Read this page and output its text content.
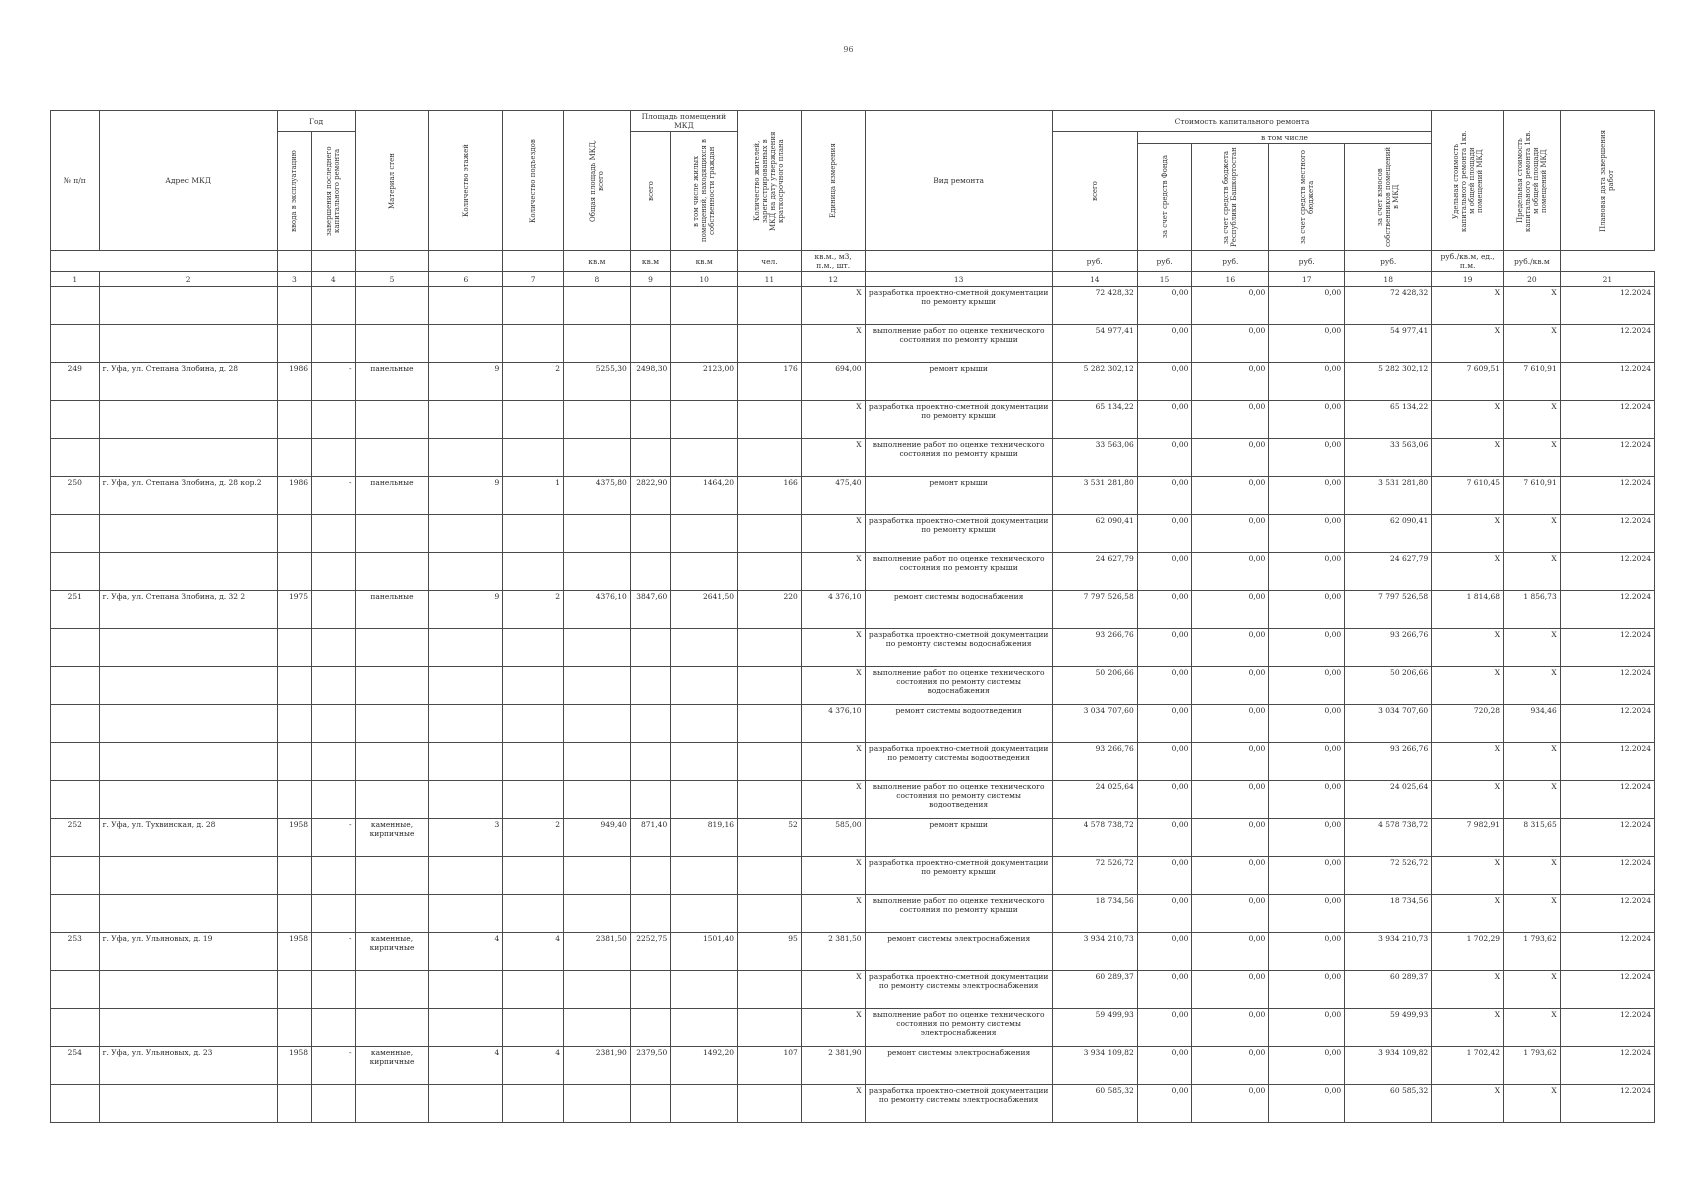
96
№ п/п	Адрес МКД	Год		Материал стен	Количество этажей	Количество подъездов	Общая площадь МКД, всего	Площадь помещений МКД		Количество жителей, зарегистрированных в МКД на дату утверждения краткосрочного плана	Единица измерения	Вид ремонта	Стоимость капитального ремонта					Удельная стоимость капитального ремонта 1кв. м общей площади помещений МКД	Предельная стоимость капитального ремонта 1кв. м общей площади помещений МКД	Плановая дата завершения работ

		ввода в эксплуатацию	завершения последнего капитального ремонта					всего	в том числе жилых помещений, находящихся в собственности граждан				всего	в том числе						

														за счет средств Фонда	за счет средств бюджета Республики Башкортостан	за счет средств местного бюджета	за счет взносов собственников помещений в МКД			

							кв.м	кв.м	кв.м	чел.	кв.м., м3, п.м., шт.		руб.	руб.	руб.	руб.	руб.	руб./кв.м, ед., п.м.	руб./кв.м	
1	2	3	4	5	6	7	8	9	10	11	12	13	14	15	16	17	18	19	20	21
											X	разработка проектно-сметной документации по ремонту крыши	72 428,32	0,00	0,00	0,00	72 428,32	X	X	12.2024
											X	выполнение работ по оценке технического состояния по ремонту крыши	54 977,41	0,00	0,00	0,00	54 977,41	X	X	12.2024
249	г. Уфа, ул. Степана Злобина, д. 28	1986	-	панельные	9	2	5255,30	2498,30	2123,00	176	694,00	ремонт крыши	5 282 302,12	0,00	0,00	0,00	5 282 302,12	7 609,51	7 610,91	12.2024
											X	разработка проектно-сметной документации по ремонту крыши	65 134,22	0,00	0,00	0,00	65 134,22	X	X	12.2024
											X	выполнение работ по оценке технического состояния по ремонту крыши	33 563,06	0,00	0,00	0,00	33 563,06	X	X	12.2024
250	г. Уфа, ул. Степана Злобина, д. 28 кор.2	1986	-	панельные	9	1	4375,80	2822,90	1464,20	166	475,40	ремонт крыши	3 531 281,80	0,00	0,00	0,00	3 531 281,80	7 610,45	7 610,91	12.2024
											X	разработка проектно-сметной документации по ремонту крыши	62 090,41	0,00	0,00	0,00	62 090,41	X	X	12.2024
											X	выполнение работ по оценке технического состояния по ремонту крыши	24 627,79	0,00	0,00	0,00	24 627,79	X	X	12.2024
251	г. Уфа, ул. Степана Злобина, д. 32 2	1975		панельные	9	2	4376,10	3847,60	2641,50	220	4 376,10	ремонт системы водоснабжения	7 797 526,58	0,00	0,00	0,00	7 797 526,58	1 814,68	1 856,73	12.2024
											X	разработка проектно-сметной документации по ремонту системы водоснабжения	93 266,76	0,00	0,00	0,00	93 266,76	X	X	12.2024
											X	выполнение работ по оценке технического состояния по ремонту системы водоснабжения	50 206,66	0,00	0,00	0,00	50 206,66	X	X	12.2024
											4 376,10	ремонт системы водоотведения	3 034 707,60	0,00	0,00	0,00	3 034 707,60	720,28	934,46	12.2024
											X	разработка проектно-сметной документации по ремонту системы водоотведения	93 266,76	0,00	0,00	0,00	93 266,76	X	X	12.2024
											X	выполнение работ по оценке технического состояния по ремонту системы водоотведения	24 025,64	0,00	0,00	0,00	24 025,64	X	X	12.2024
252	г. Уфа, ул. Тухвинская, д. 28	1958	-	каменные, кирпичные	3	2	949,40	871,40	819,16	52	585,00	ремонт крыши	4 578 738,72	0,00	0,00	0,00	4 578 738,72	7 982,91	8 315,65	12.2024
											X	разработка проектно-сметной документации по ремонту крыши	72 526,72	0,00	0,00	0,00	72 526,72	X	X	12.2024
											X	выполнение работ по оценке технического состояния по ремонту крыши	18 734,56	0,00	0,00	0,00	18 734,56	X	X	12.2024
253	г. Уфа, ул. Ульяновых, д. 19	1958	-	каменные, кирпичные	4	4	2381,50	2252,75	1501,40	95	2 381,50	ремонт системы электроснабжения	3 934 210,73	0,00	0,00	0,00	3 934 210,73	1 702,29	1 793,62	12.2024
											X	разработка проектно-сметной документации по ремонту системы электроснабжения	60 289,37	0,00	0,00	0,00	60 289,37	X	X	12.2024
											X	выполнение работ по оценке технического состояния по ремонту системы электроснабжения	59 499,93	0,00	0,00	0,00	59 499,93	X	X	12.2024
254	г. Уфа, ул. Ульяновых, д. 23	1958	-	каменные, кирпичные	4	4	2381,90	2379,50	1492,20	107	2 381,90	ремонт системы электроснабжения	3 934 109,82	0,00	0,00	0,00	3 934 109,82	1 702,42	1 793,62	12.2024
											X	разработка проектно-сметной документации по ремонту системы электроснабжения	60 585,32	0,00	0,00	0,00	60 585,32	X	X	12.2024
